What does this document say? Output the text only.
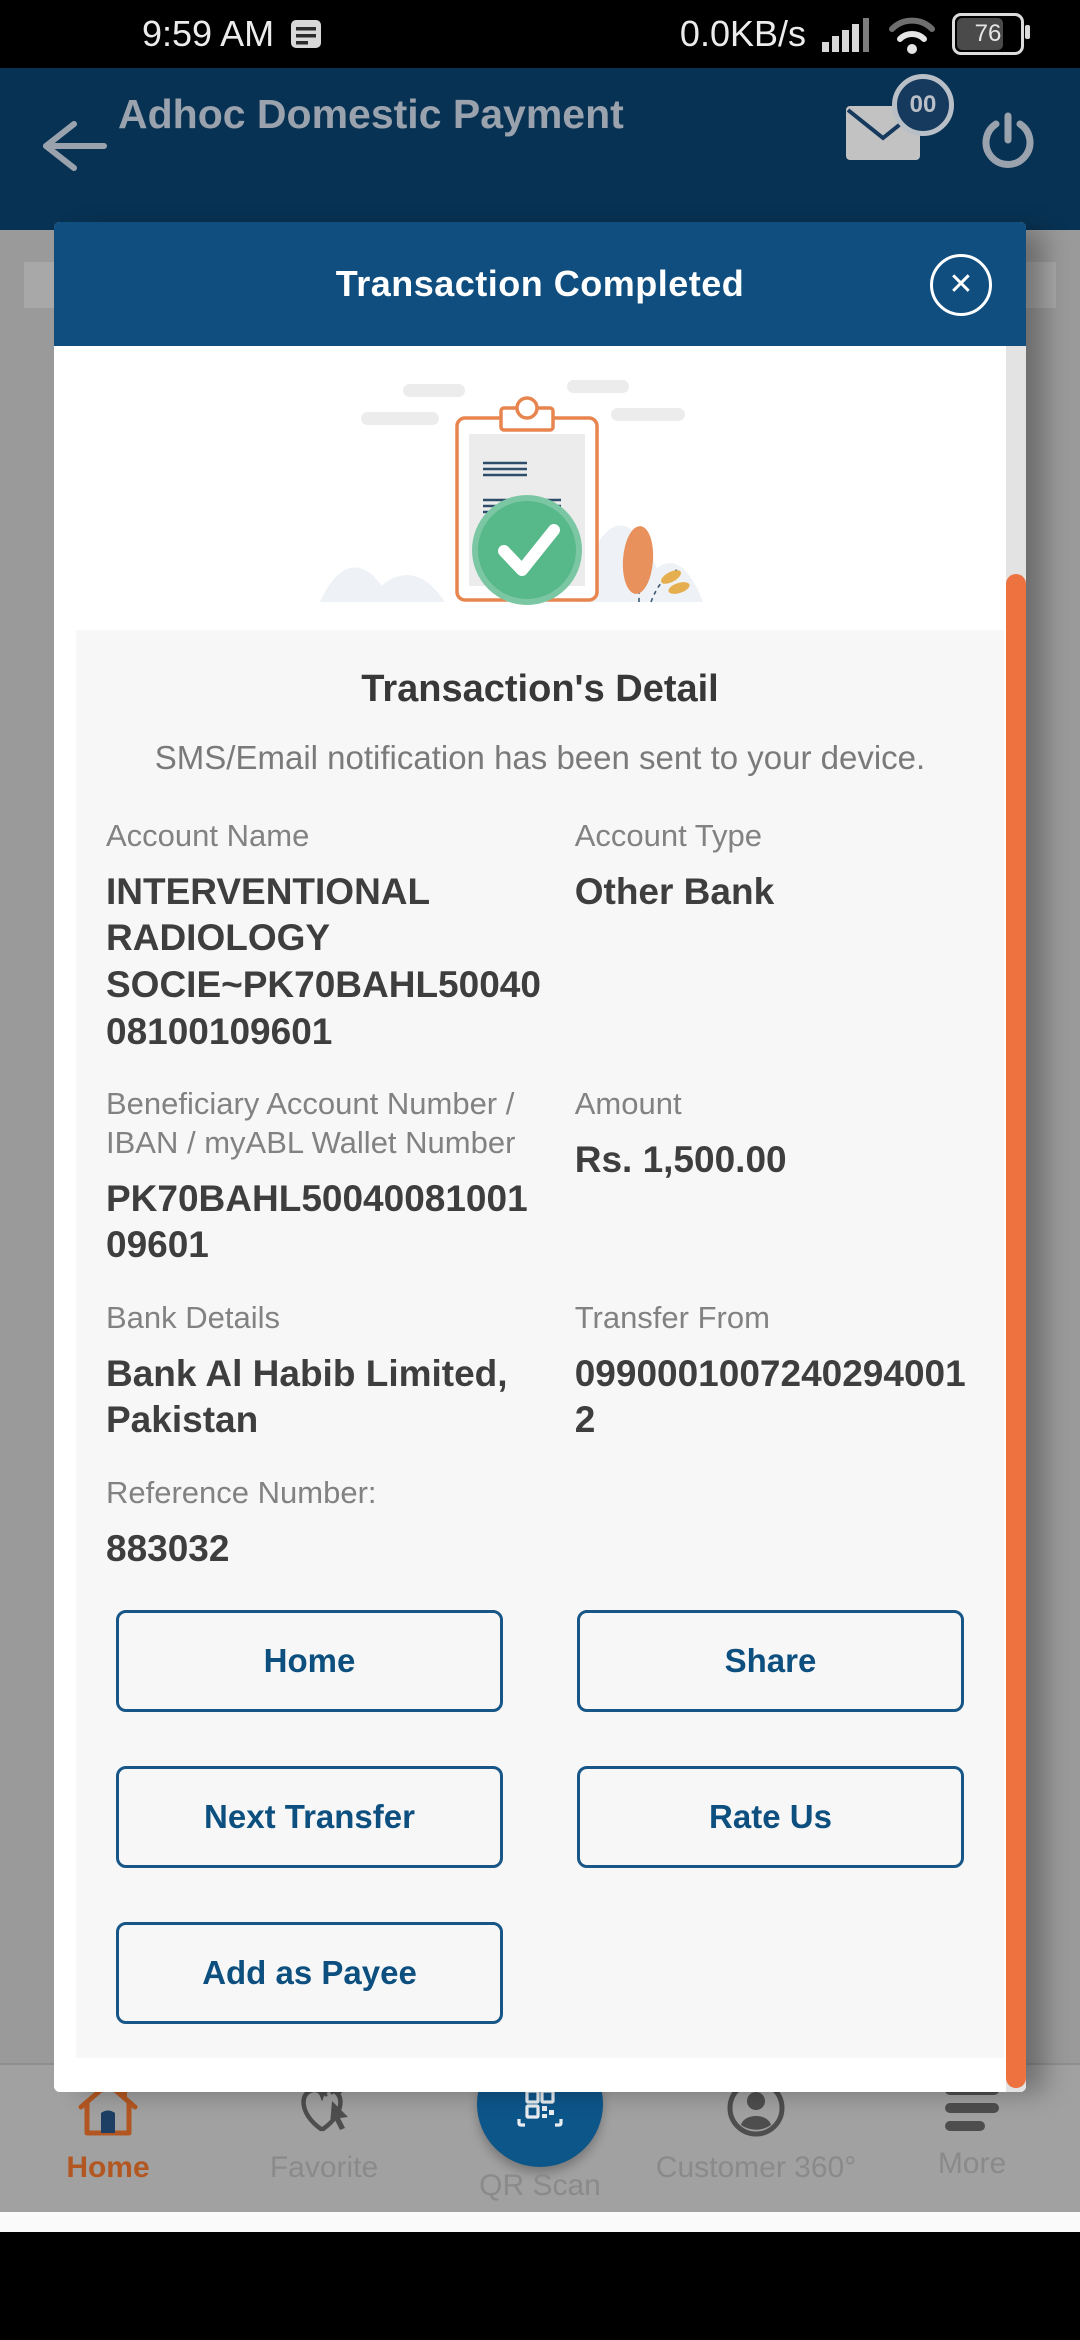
9:59 AM	0.0KB/s	76
Adhoc Domestic Payment	00
Home	Favorite
QR Scan
Customer 360°	More
Transaction Completed	✕
Transaction's Detail

SMS/Email notification has been sent to your device.

Account Name
INTERVENTIONAL RADIOLOGY SOCIE~PK70BAHL5004008100109601
Account Type
Other Bank
Beneficiary Account Number / IBAN / myABL Wallet Number
PK70BAHL5004008100109601
Amount
Rs. 1,500.00
Bank Details
Bank Al Habib Limited, Pakistan
Transfer From
09900010072402940012
Reference Number:
883032
Home	Share
Next Transfer	Rate Us
Add as Payee
